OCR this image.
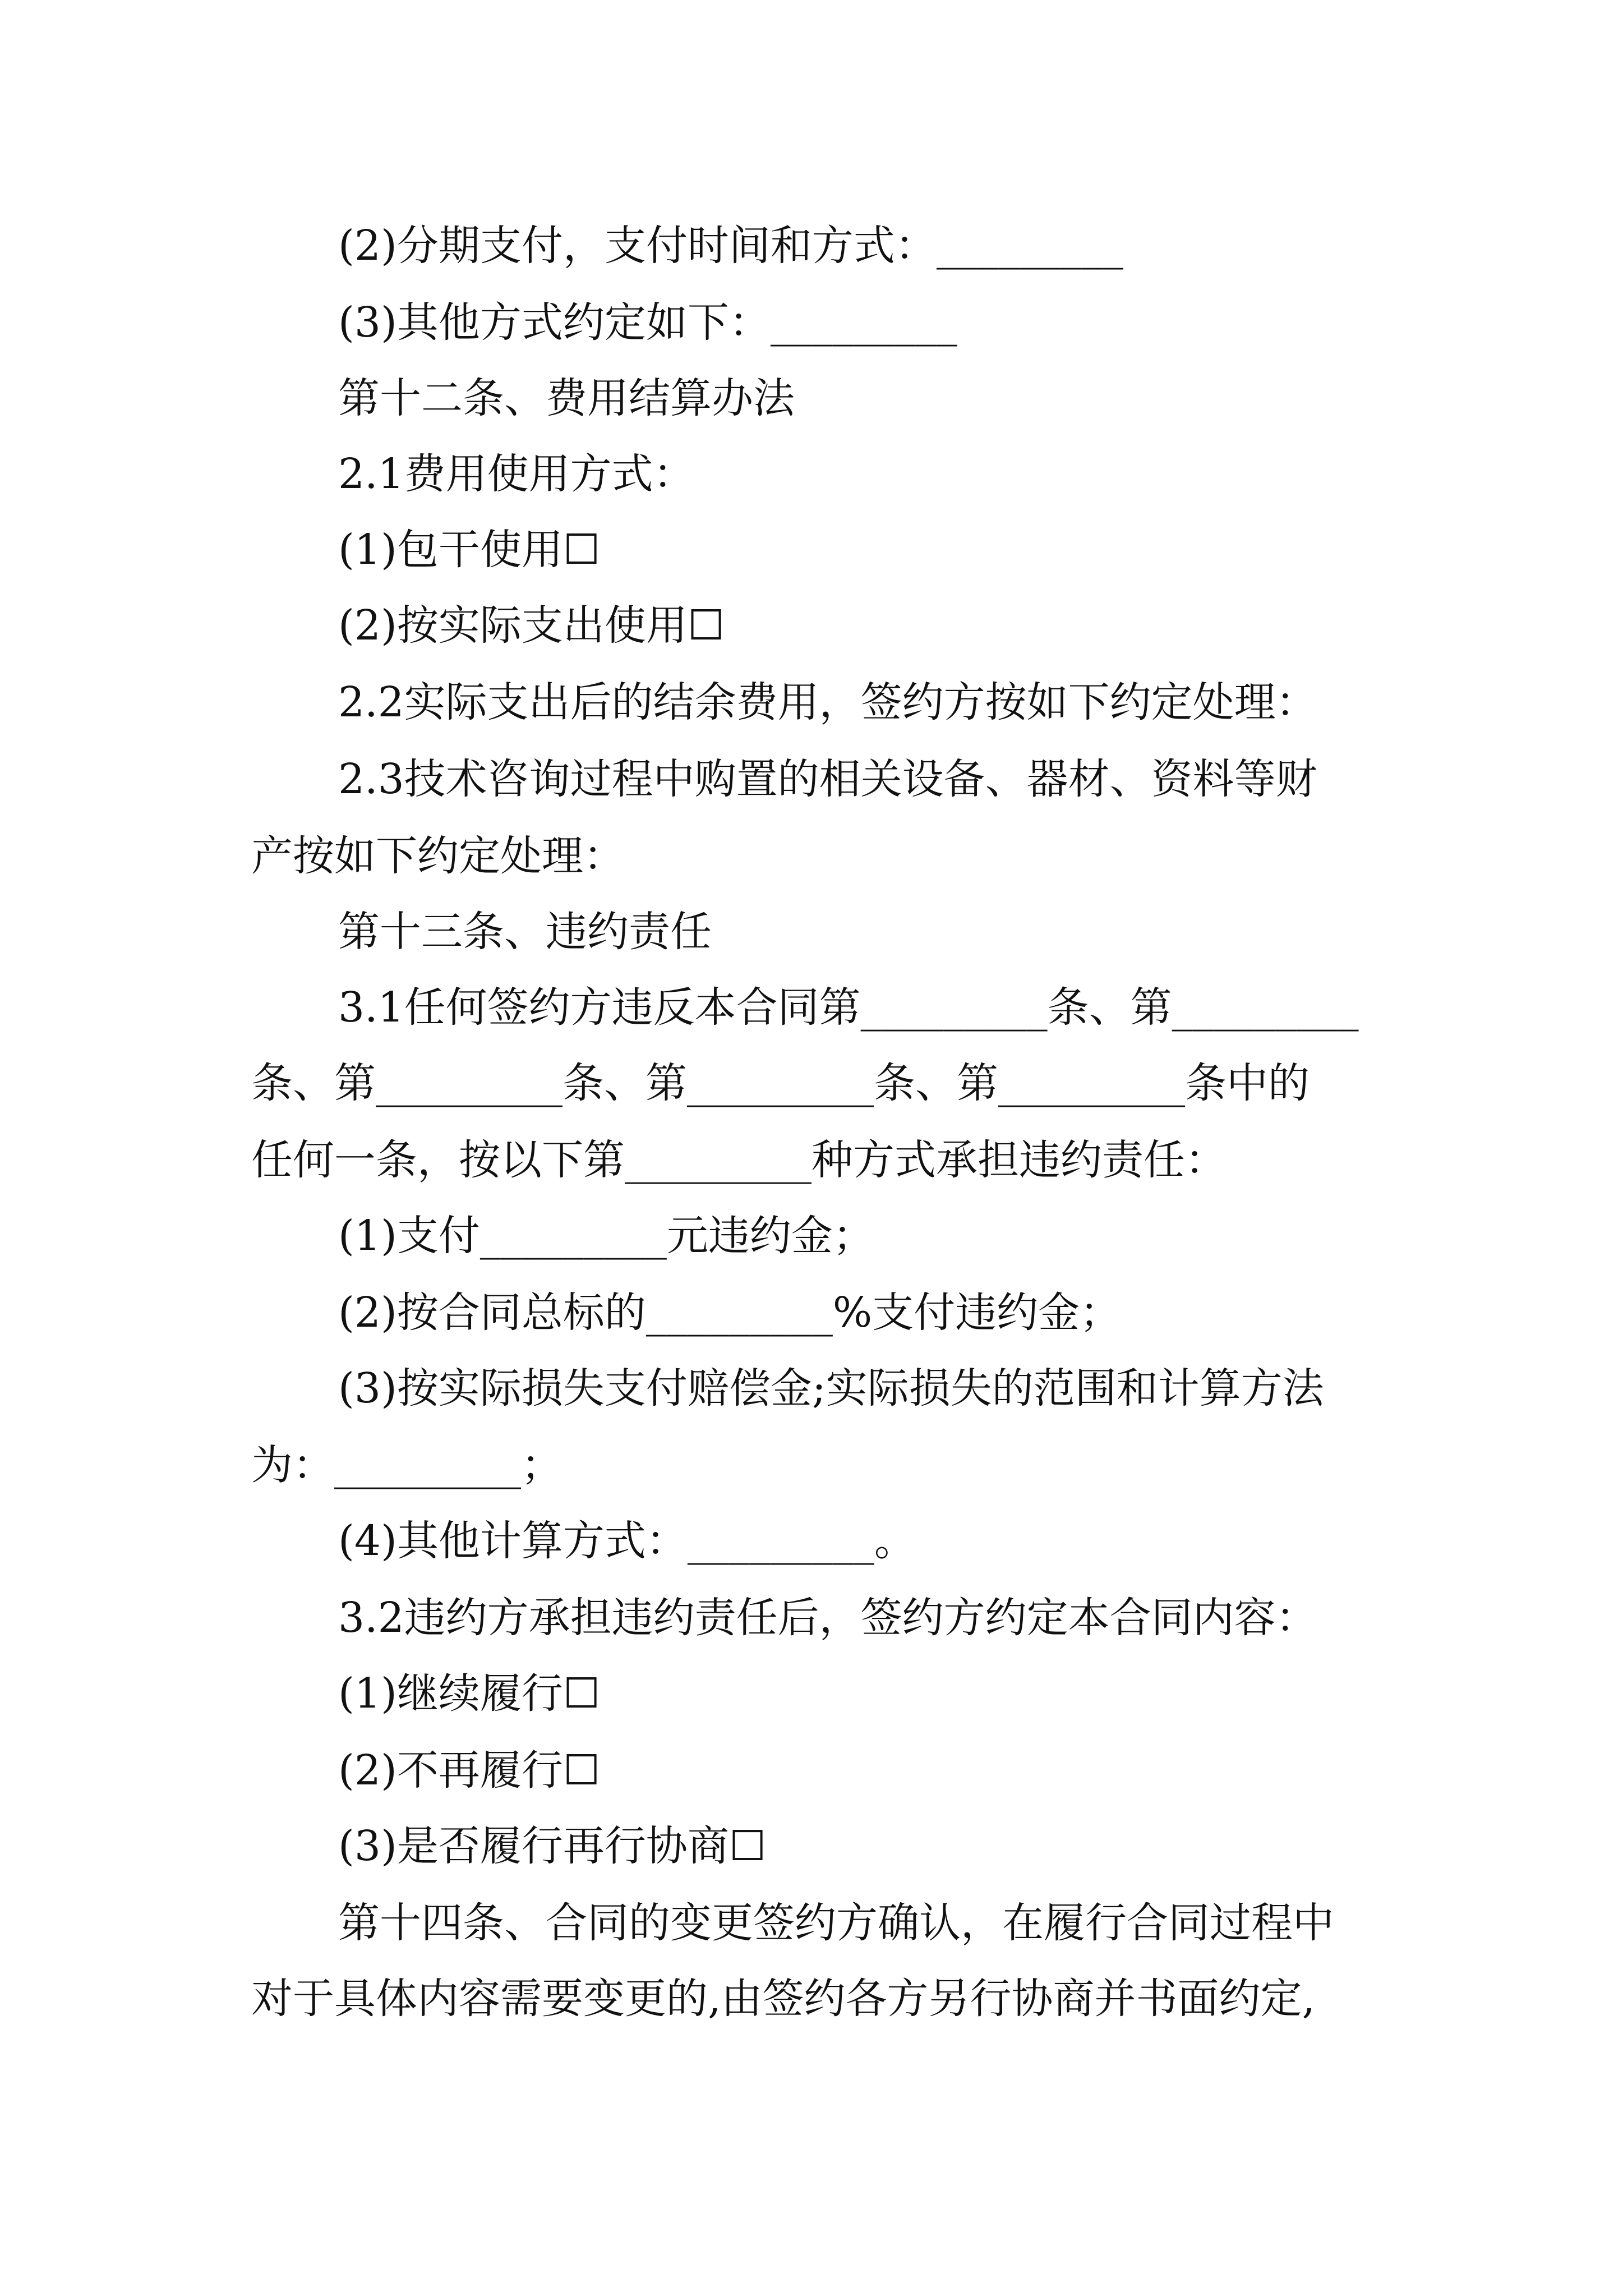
(2)分期支付，支付时间和方式：_________
(3)其他方式约定如下：_________
第十二条、费用结算办法
2.1费用使用方式：
(1)包干使用☐
(2)按实际支出使用☐
2.2实际支出后的结余费用，签约方按如下约定处理：
2.3技术咨询过程中购置的相关设备、器材、资料等财
产按如下约定处理：
第十三条、违约责任
3.1任何签约方违反本合同第_________条、第_________
条、第_________条、第_________条、第_________条中的
任何一条，按以下第_________种方式承担违约责任：
(1)支付_________元违约金；
(2)按合同总标的_________%支付违约金；
(3)按实际损失支付赔偿金;实际损失的范围和计算方法
为：_________；
(4)其他计算方式：_________。
3.2违约方承担违约责任后，签约方约定本合同内容：
(1)继续履行☐
(2)不再履行☐
(3)是否履行再行协商☐
第十四条、合同的变更签约方确认，在履行合同过程中
对于具体内容需要变更的,由签约各方另行协商并书面约定,
